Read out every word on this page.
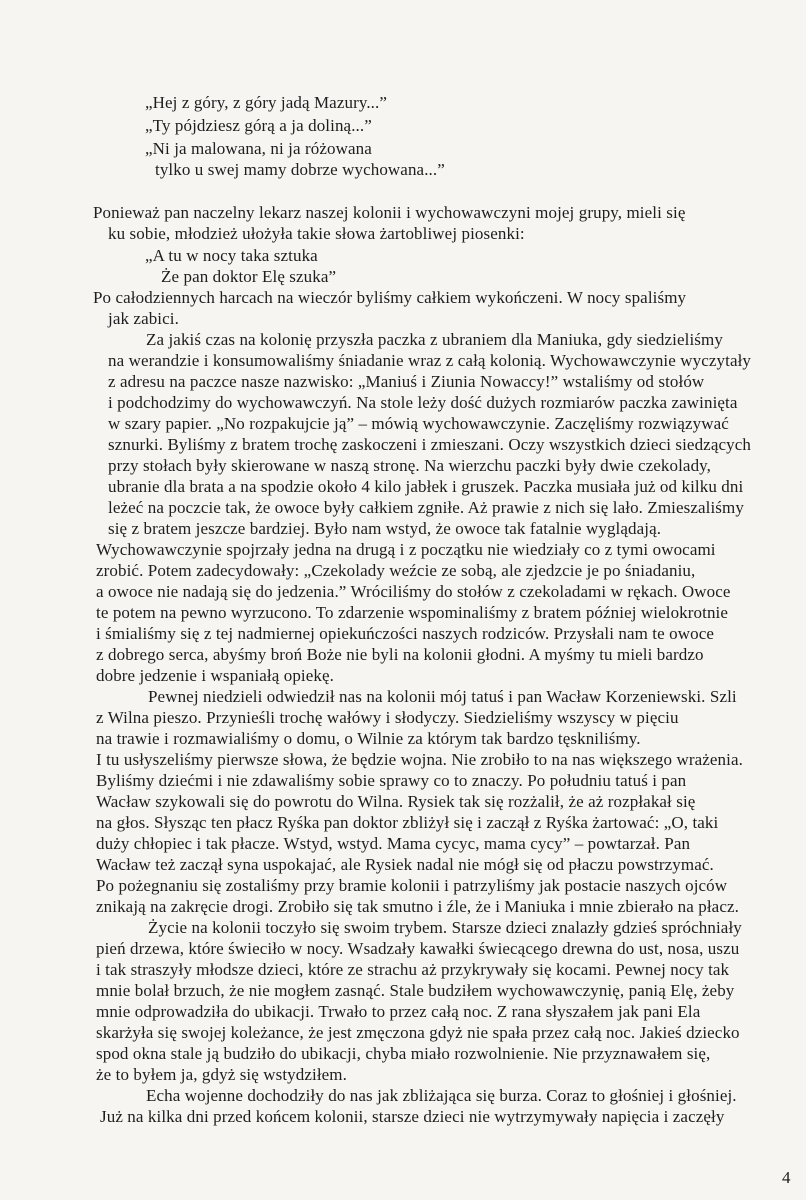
„Hej z góry, z góry jadą Mazury...”
„Ty pójdziesz górą a ja doliną...”
„Ni ja malowana, ni ja różowana
tylko u swej mamy dobrze wychowana...”
Ponieważ pan naczelny lekarz naszej kolonii i wychowawczyni mojej grupy, mieli się
ku sobie, młodzież ułożyła takie słowa żartobliwej piosenki:
„A tu w nocy taka sztuka
Że pan doktor Elę szuka”
Po całodziennych harcach na wieczór byliśmy całkiem wykończeni. W nocy spaliśmy
jak zabici.
Za jakiś czas na kolonię przyszła paczka z ubraniem dla Maniuka, gdy siedzieliśmy
na werandzie i konsumowaliśmy śniadanie wraz z całą kolonią. Wychowawczynie wyczytały
z adresu na paczce nasze nazwisko: „Maniuś i Ziunia Nowaccy!” wstaliśmy od stołów
i podchodzimy do wychowawczyń. Na stole leży dość dużych rozmiarów paczka zawinięta
w szary papier. „No rozpakujcie ją” – mówią wychowawczynie. Zaczęliśmy rozwiązywać
sznurki. Byliśmy z bratem trochę zaskoczeni i zmieszani. Oczy wszystkich dzieci siedzących
przy stołach były skierowane w naszą stronę. Na wierzchu paczki były dwie czekolady,
ubranie dla brata a na spodzie około 4 kilo jabłek i gruszek. Paczka musiała już od kilku dni
leżeć na poczcie tak, że owoce były całkiem zgniłe. Aż prawie z nich się lało. Zmieszaliśmy
się z bratem jeszcze bardziej. Było nam wstyd, że owoce tak fatalnie wyglądają.
Wychowawczynie spojrzały jedna na drugą i z początku nie wiedziały co z tymi owocami
zrobić. Potem zadecydowały: „Czekolady weźcie ze sobą, ale zjedzcie je po śniadaniu,
a owoce nie nadają się do jedzenia.” Wróciliśmy do stołów z czekoladami w rękach. Owoce
te potem na pewno wyrzucono. To zdarzenie wspominaliśmy z bratem później wielokrotnie
i śmialiśmy się z tej nadmiernej opiekuńczości naszych rodziców. Przysłali nam te owoce
z dobrego serca, abyśmy broń Boże nie byli na kolonii głodni. A myśmy tu mieli bardzo
dobre jedzenie i wspaniałą opiekę.
Pewnej niedzieli odwiedził nas na kolonii mój tatuś i pan Wacław Korzeniewski. Szli
z Wilna pieszo. Przynieśli trochę wałówy i słodyczy. Siedzieliśmy wszyscy w pięciu
na trawie i rozmawialiśmy o domu, o Wilnie za którym tak bardzo tęskniliśmy.
I tu usłyszeliśmy pierwsze słowa, że będzie wojna. Nie zrobiło to na nas większego wrażenia.
Byliśmy dziećmi i nie zdawaliśmy sobie sprawy co to znaczy. Po południu tatuś i pan
Wacław szykowali się do powrotu do Wilna. Rysiek tak się rozżalił, że aż rozpłakał się
na głos. Słysząc ten płacz Ryśka pan doktor zbliżył się i zaczął z Ryśka żartować: „O, taki
duży chłopiec i tak płacze. Wstyd, wstyd. Mama cycyc, mama cycy” – powtarzał. Pan
Wacław też zaczął syna uspokajać, ale Rysiek nadal nie mógł się od płaczu powstrzymać.
Po pożegnaniu się zostaliśmy przy bramie kolonii i patrzyliśmy jak postacie naszych ojców
znikają na zakręcie drogi. Zrobiło się tak smutno i źle, że i Maniuka i mnie zbierało na płacz.
Życie na kolonii toczyło się swoim trybem. Starsze dzieci znalazły gdzieś spróchniały
pień drzewa, które świeciło w nocy. Wsadzały kawałki świecącego drewna do ust, nosa, uszu
i tak straszyły młodsze dzieci, które ze strachu aż przykrywały się kocami. Pewnej nocy tak
mnie bolał brzuch, że nie mogłem zasnąć. Stale budziłem wychowawczynię, panią Elę, żeby
mnie odprowadziła do ubikacji. Trwało to przez całą noc. Z rana słyszałem jak pani Ela
skarżyła się swojej koleżance, że jest zmęczona gdyż nie spała przez całą noc. Jakieś dziecko
spod okna stale ją budziło do ubikacji, chyba miało rozwolnienie. Nie przyznawałem się,
że to byłem ja, gdyż się wstydziłem.
Echa wojenne dochodziły do nas jak zbliżająca się burza. Coraz to głośniej i głośniej.
Już na kilka dni przed końcem kolonii, starsze dzieci nie wytrzymywały napięcia i zaczęły
4
